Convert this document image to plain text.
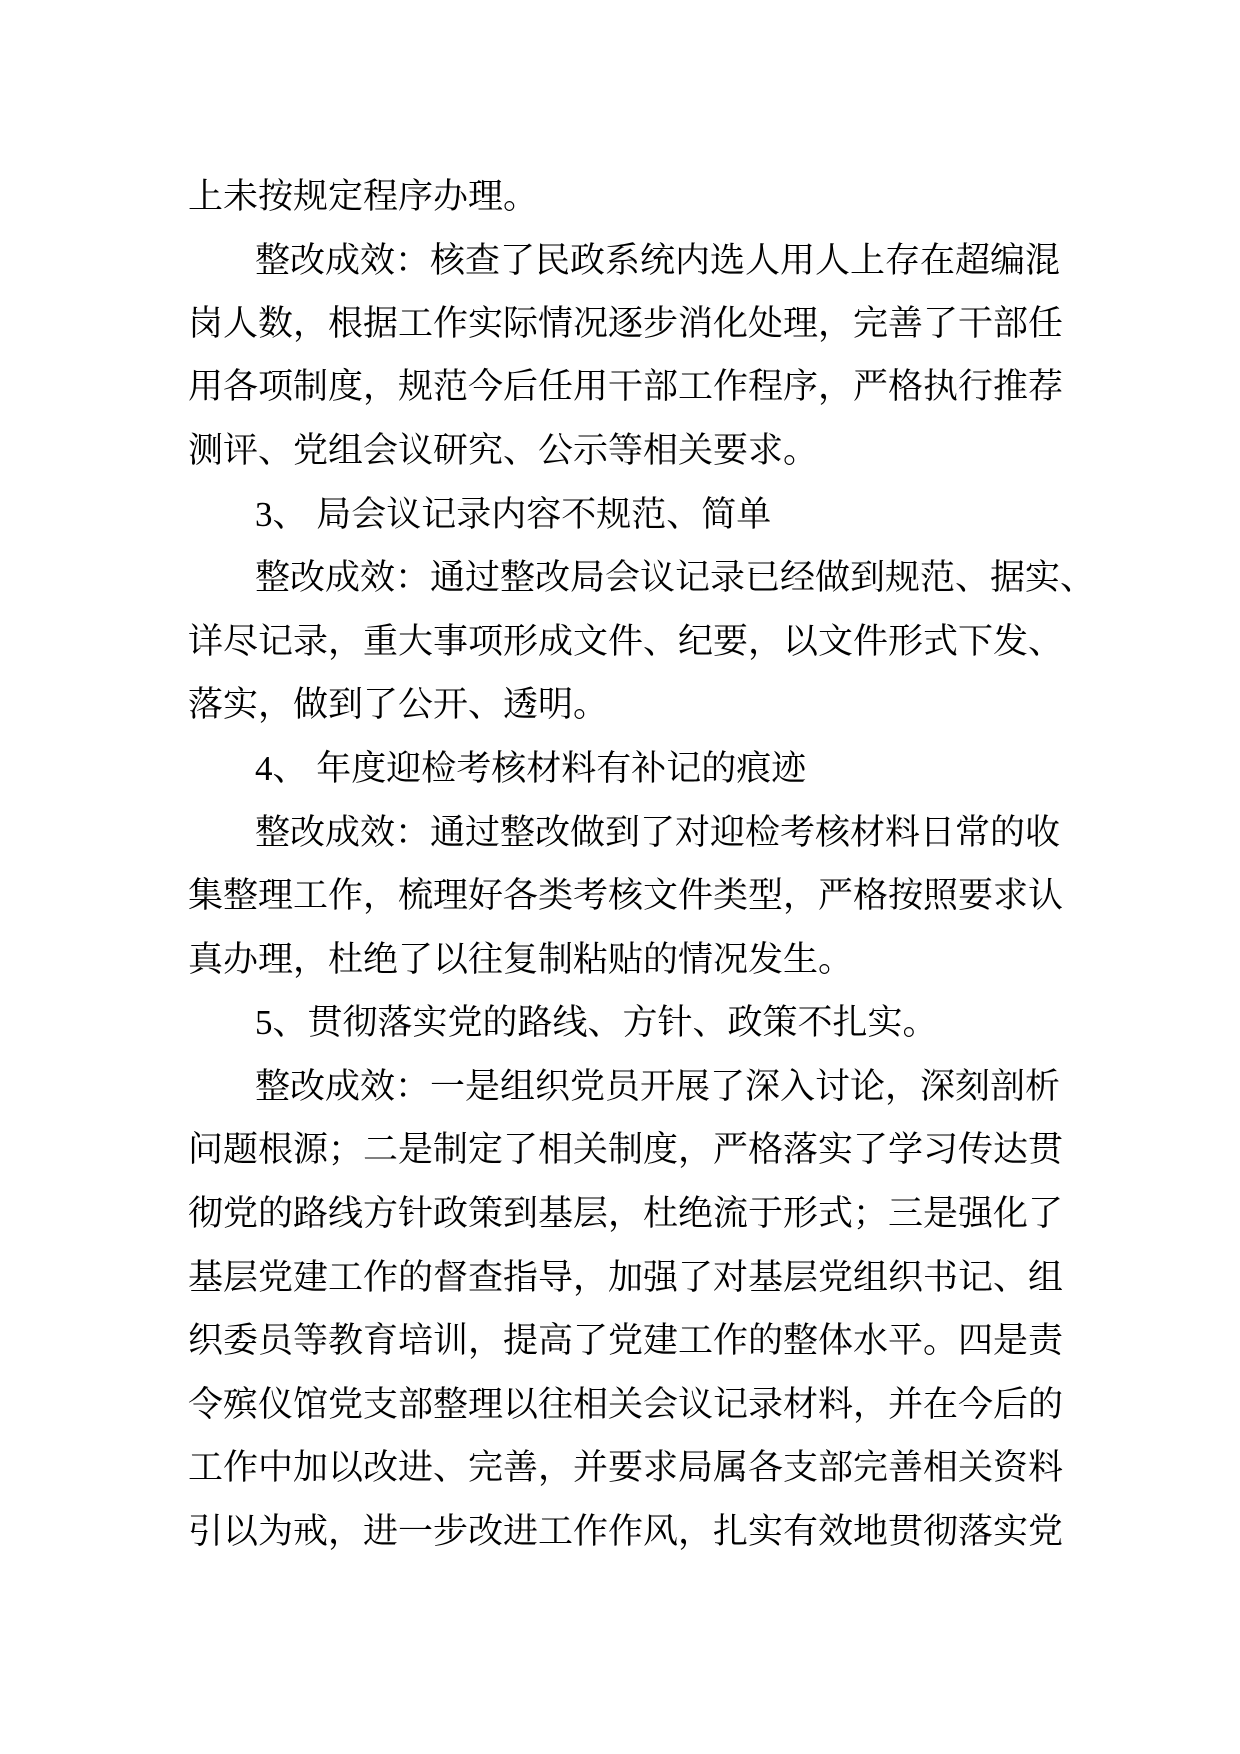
上未按规定程序办理。

整改成效：核查了民政系统内选人用人上存在超编混

岗人数，根据工作实际情况逐步消化处理，完善了干部任

用各项制度，规范今后任用干部工作程序，严格执行推荐

测评、党组会议研究、公示等相关要求。

3、 局会议记录内容不规范、简单

整改成效：通过整改局会议记录已经做到规范、据实、

详尽记录，重大事项形成文件、纪要，以文件形式下发、

落实，做到了公开、透明。

4、 年度迎检考核材料有补记的痕迹

整改成效：通过整改做到了对迎检考核材料日常的收

集整理工作，梳理好各类考核文件类型，严格按照要求认

真办理，杜绝了以往复制粘贴的情况发生。

5、贯彻落实党的路线、方针、政策不扎实。

整改成效：一是组织党员开展了深入讨论，深刻剖析

问题根源；二是制定了相关制度，严格落实了学习传达贯

彻党的路线方针政策到基层，杜绝流于形式；三是强化了

基层党建工作的督查指导，加强了对基层党组织书记、组

织委员等教育培训，提高了党建工作的整体水平。四是责

令殡仪馆党支部整理以往相关会议记录材料，并在今后的

工作中加以改进、完善，并要求局属各支部完善相关资料

引以为戒，进一步改进工作作风，扎实有效地贯彻落实党
